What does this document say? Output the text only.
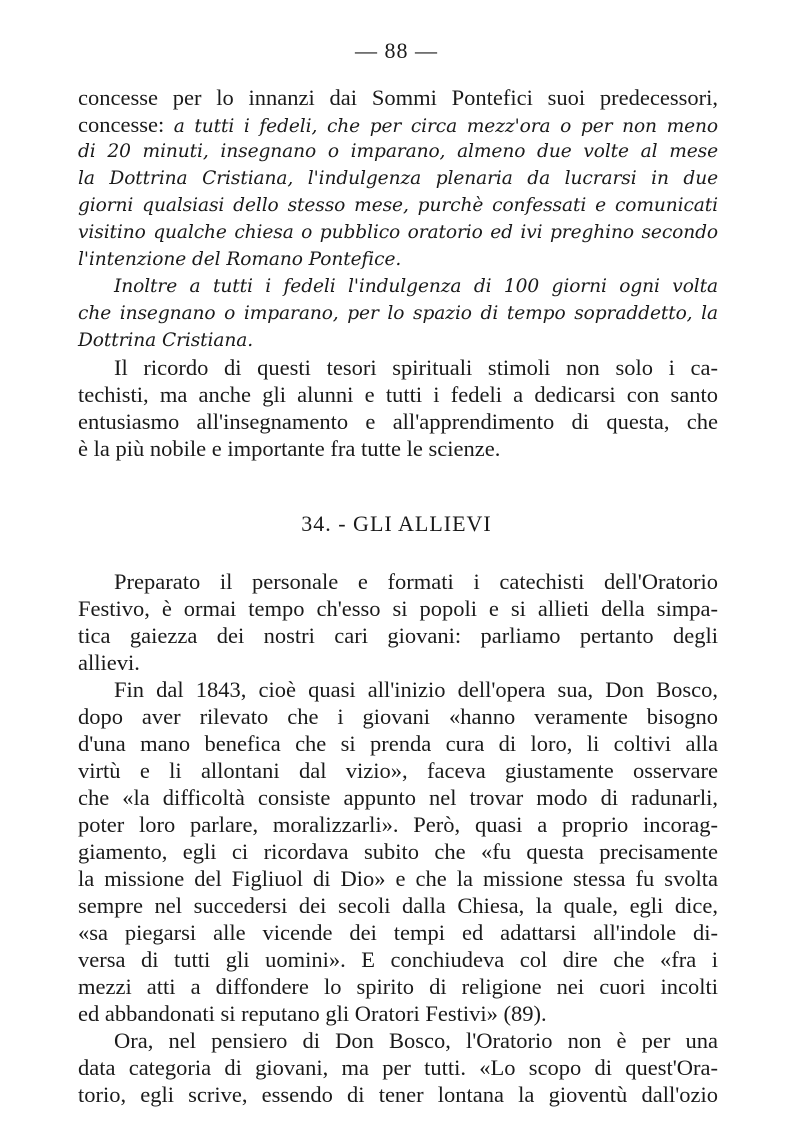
— 88 —
concesse per lo innanzi dai Sommi Pontefici suoi predecessori,
concesse: a tutti i fedeli, che per circa mezz'ora o per non meno
di 20 minuti, insegnano o imparano, almeno due volte al mese
la Dottrina Cristiana, l'indulgenza plenaria da lucrarsi in due
giorni qualsiasi dello stesso mese, purchè confessati e comunicati
visitino qualche chiesa o pubblico oratorio ed ivi preghino secondo
l'intenzione del Romano Pontefice.
Inoltre a tutti i fedeli l'indulgenza di 100 giorni ogni volta
che insegnano o imparano, per lo spazio di tempo sopraddetto, la
Dottrina Cristiana.
Il ricordo di questi tesori spirituali stimoli non solo i ca-
techisti, ma anche gli alunni e tutti i fedeli a dedicarsi con santo
entusiasmo all'insegnamento e all'apprendimento di questa, che
è la più nobile e importante fra tutte le scienze.
34. - GLI ALLIEVI
Preparato il personale e formati i catechisti dell'Oratorio
Festivo, è ormai tempo ch'esso si popoli e si allieti della simpa-
tica gaiezza dei nostri cari giovani: parliamo pertanto degli
allievi.
Fin dal 1843, cioè quasi all'inizio dell'opera sua, Don Bosco,
dopo aver rilevato che i giovani «hanno veramente bisogno
d'una mano benefica che si prenda cura di loro, li coltivi alla
virtù e li allontani dal vizio», faceva giustamente osservare
che «la difficoltà consiste appunto nel trovar modo di radunarli,
poter loro parlare, moralizzarli». Però, quasi a proprio incorag-
giamento, egli ci ricordava subito che «fu questa precisamente
la missione del Figliuol di Dio» e che la missione stessa fu svolta
sempre nel succedersi dei secoli dalla Chiesa, la quale, egli dice,
«sa piegarsi alle vicende dei tempi ed adattarsi all'indole di-
versa di tutti gli uomini». E conchiudeva col dire che «fra i
mezzi atti a diffondere lo spirito di religione nei cuori incolti
ed abbandonati si reputano gli Oratori Festivi» (89).
Ora, nel pensiero di Don Bosco, l'Oratorio non è per una
data categoria di giovani, ma per tutti. «Lo scopo di quest'Ora-
torio, egli scrive, essendo di tener lontana la gioventù dall'ozio
